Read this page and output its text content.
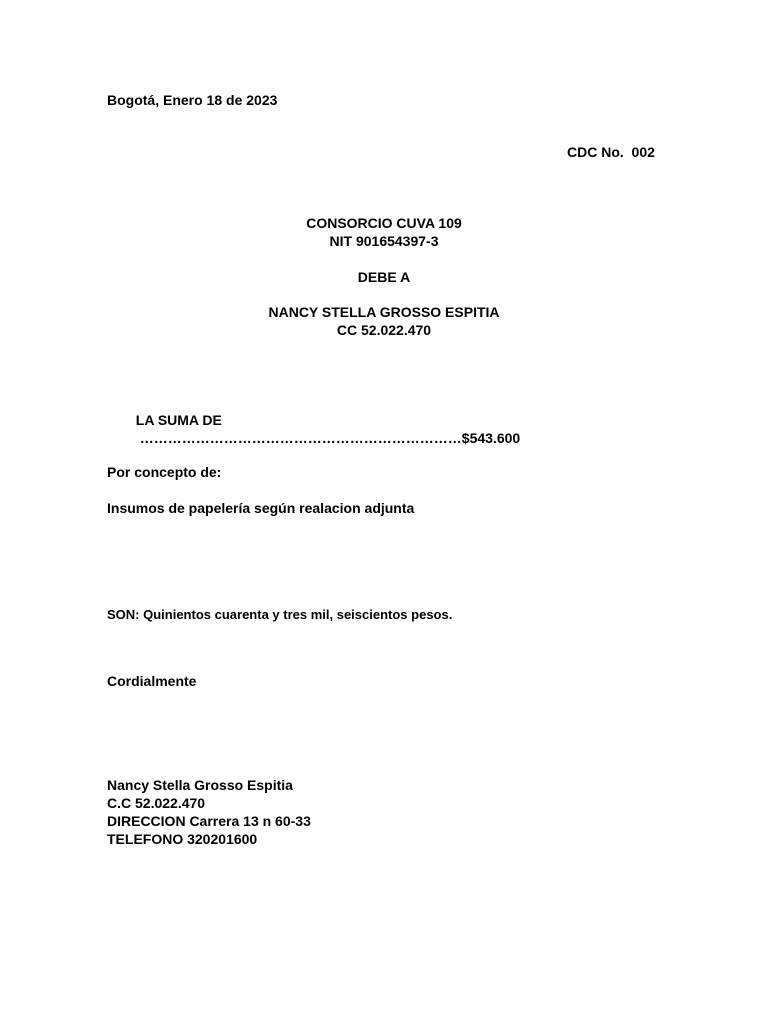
Bogotá, Enero 18 de 2023
CDC No.  002
CONSORCIO CUVA 109
NIT 901654397-3
DEBE A
NANCY STELLA GROSSO ESPITIA
CC 52.022.470

LA SUMA DE
……………………………………………………………$543.600

Por concepto de:
Insumos de papelería según realacion adjunta
SON: Quinientos cuarenta y tres mil, seiscientos pesos.
Cordialmente
Nancy Stella Grosso Espitia
C.C 52.022.470
DIRECCION Carrera 13 n 60-33
TELEFONO 320201600
